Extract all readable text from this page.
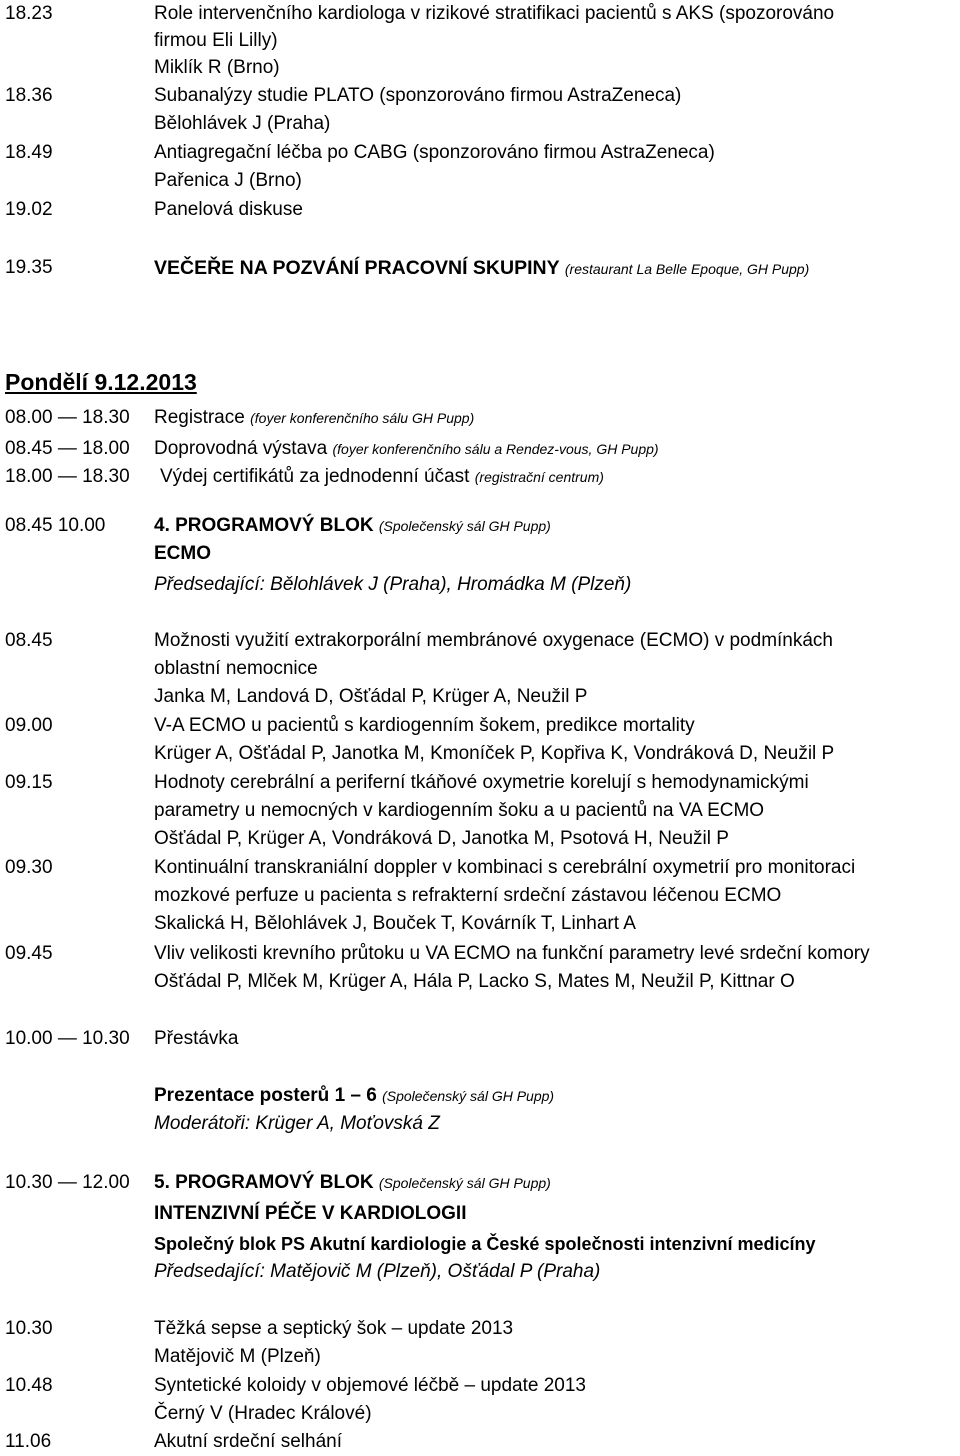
18.23	Role intervenčního kardiologa v rizikové stratifikaci pacientů s AKS (spozorováno
firmou Eli Lilly)
Miklík R (Brno)
18.36	Subanalýzy studie PLATO (sponzorováno firmou AstraZeneca)
Bělohlávek J (Praha)
18.49	Antiagregační léčba po CABG (sponzorováno firmou AstraZeneca)
Pařenica J (Brno)
19.02	Panelová diskuse
19.35	VEČEŘE NA POZVÁNÍ PRACOVNÍ SKUPINY (restaurant La Belle Epoque, GH Pupp)
Pondělí 9.12.2013
08.00 — 18.30 Registrace (foyer konferenčního sálu GH Pupp)
08.45 — 18.00 Doprovodná výstava (foyer konferenčního sálu a Rendez-vous, GH Pupp)
18.00 — 18.30 Výdej certifikátů za jednodenní účast (registrační centrum)
08.45 10.00	4. PROGRAMOVÝ BLOK (Společenský sál GH Pupp)
ECMO
Předsedající: Bělohlávek J (Praha), Hromádka M (Plzeň)
08.45	Možnosti využití extrakorporální membránové oxygenace (ECMO) v podmínkách
oblastní nemocnice
Janka M, Landová D, Ošťádal P, Krüger A, Neužil P
09.00	V-A ECMO u pacientů s kardiogenním šokem, predikce mortality
Krüger A, Ošťádal P, Janotka M, Kmoníček P, Kopřiva K, Vondráková D, Neužil P
09.15	Hodnoty cerebrální a periferní tkáňové oxymetrie korelují s hemodynamickými
parametry u nemocných v kardiogenním šoku a u pacientů na VA ECMO
Ošťádal P, Krüger A, Vondráková D, Janotka M, Psotová H, Neužil P
09.30	Kontinuální transkraniální doppler v kombinaci s cerebrální oxymetrií pro monitoraci
mozkové perfuze u pacienta s refrakterní srdeční zástavou léčenou ECMO
Skalická H, Bělohlávek J, Bouček T, Kovárník T, Linhart A
09.45	Vliv velikosti krevního průtoku u VA ECMO na funkční parametry levé srdeční komory
Ošťádal P, Mlček M, Krüger A, Hála P, Lacko S, Mates M, Neužil P, Kittnar O
10.00 — 10.30 Přestávka
Prezentace posterů 1 – 6 (Společenský sál GH Pupp)
Moderátoři: Krüger A, Moťovská Z
10.30 — 12.00 5. PROGRAMOVÝ BLOK (Společenský sál GH Pupp)
INTENZIVNÍ PÉČE V KARDIOLOGII
Společný blok PS Akutní kardiologie a České společnosti intenzivní medicíny
Předsedající: Matějovič M (Plzeň), Ošťádal P (Praha)
10.30	Těžká sepse a septický šok – update 2013
Matějovič M (Plzeň)
10.48	Syntetické koloidy v objemové léčbě – update 2013
Černý V (Hradec Králové)
11.06	Akutní srdeční selhání
